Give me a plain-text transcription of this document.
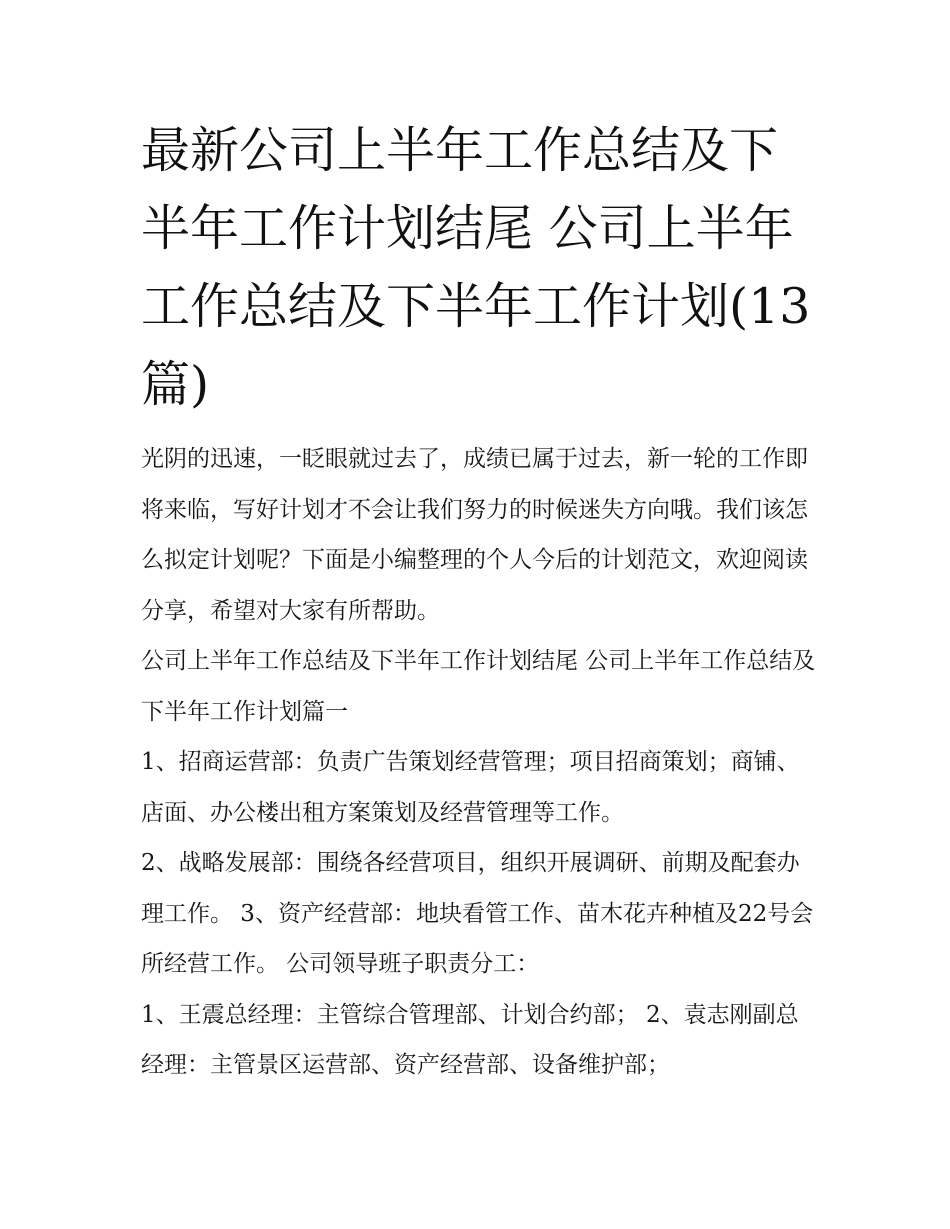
最新公司上半年工作总结及下半年工作计划结尾 公司上半年工作总结及下半年工作计划(13篇)

光阴的迅速，一眨眼就过去了，成绩已属于过去，新一轮的工作即将来临，写好计划才不会让我们努力的时候迷失方向哦。我们该怎么拟定计划呢？下面是小编整理的个人今后的计划范文，欢迎阅读分享，希望对大家有所帮助。

公司上半年工作总结及下半年工作计划结尾 公司上半年工作总结及下半年工作计划篇一

1、招商运营部：负责广告策划经营管理；项目招商策划；商铺、店面、办公楼出租方案策划及经营管理等工作。

2、战略发展部：围绕各经营项目，组织开展调研、前期及配套办理工作。 3、资产经营部：地块看管工作、苗木花卉种植及22号会所经营工作。 公司领导班子职责分工：

1、王震总经理：主管综合管理部、计划合约部； 2、袁志刚副总经理：主管景区运营部、资产经营部、设备维护部；
